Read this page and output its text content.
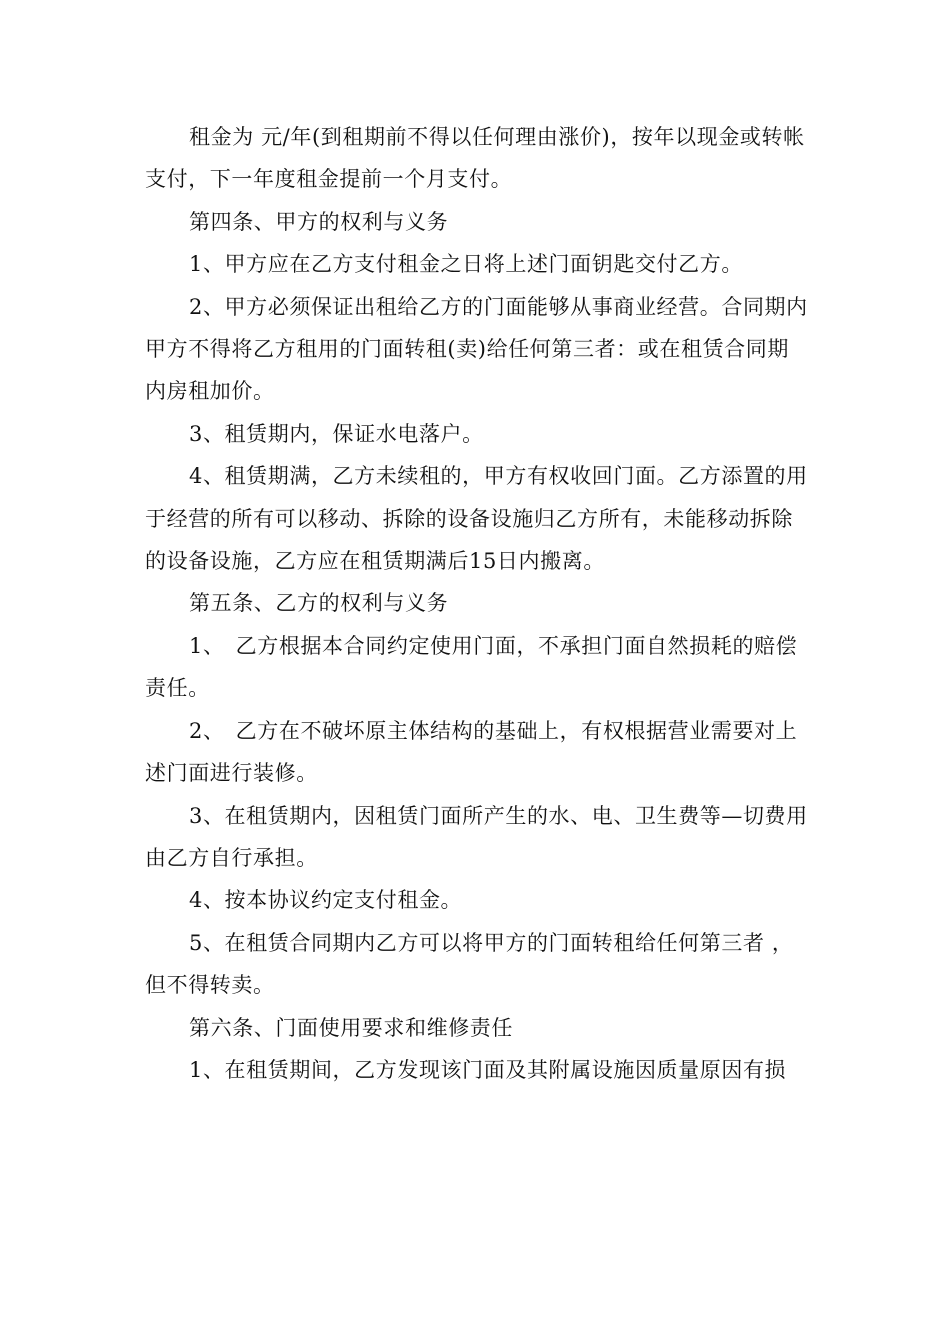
租金为 元/年(到租期前不得以任何理由涨价)，按年以现金或转帐支付，下一年度租金提前一个月支付。

第四条、甲方的权利与义务

1、甲方应在乙方支付租金之日将上述门面钥匙交付乙方。

2、甲方必须保证出租给乙方的门面能够从事商业经营。合同期内甲方不得将乙方租用的门面转租(卖)给任何第三者：或在租赁合同期内房租加价。

3、租赁期内，保证水电落户。

4、租赁期满，乙方未续租的，甲方有权收回门面。乙方添置的用于经营的所有可以移动、拆除的设备设施归乙方所有，未能移动拆除的设备设施，乙方应在租赁期满后15日内搬离。

第五条、乙方的权利与义务

1、　乙方根据本合同约定使用门面，不承担门面自然损耗的赔偿责任。

2、　乙方在不破坏原主体结构的基础上，有权根据营业需要对上述门面进行装修。

3、在租赁期内，因租赁门面所产生的水、电、卫生费等—切费用由乙方自行承担。

4、按本协议约定支付租金。

5、在租赁合同期内乙方可以将甲方的门面转租给任何第三者 ，但不得转卖。

第六条、门面使用要求和维修责任

1、在租赁期间，乙方发现该门面及其附属设施因质量原因有损
